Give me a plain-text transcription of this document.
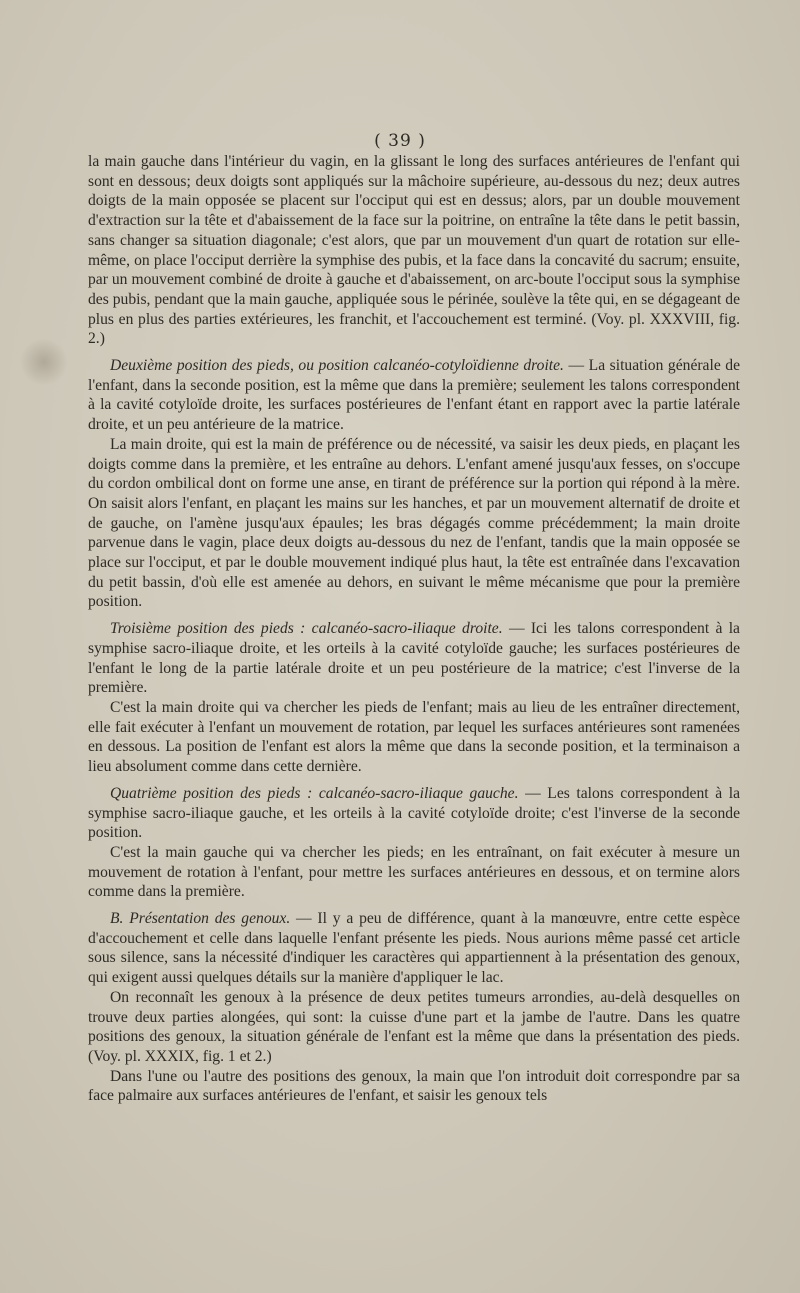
( 39 )

la main gauche dans l'intérieur du vagin, en la glissant le long des surfaces antérieures de l'enfant qui sont en dessous; deux doigts sont appliqués sur la mâchoire supérieure, au-dessous du nez; deux autres doigts de la main opposée se placent sur l'occiput qui est en dessus; alors, par un double mouvement d'extraction sur la tête et d'abaissement de la face sur la poitrine, on entraîne la tête dans le petit bassin, sans changer sa situation diagonale; c'est alors, que par un mouvement d'un quart de rotation sur elle-même, on place l'occiput derrière la symphise des pubis, et la face dans la concavité du sacrum; ensuite, par un mouvement combiné de droite à gauche et d'abaissement, on arc-boute l'occiput sous la symphise des pubis, pendant que la main gauche, appliquée sous le périnée, soulève la tête qui, en se dégageant de plus en plus des parties extérieures, les franchit, et l'accouchement est terminé. (Voy. pl. XXXVIII, fig. 2.)

Deuxième position des pieds, ou position calcanéo-cotyloïdienne droite. — La situation générale de l'enfant, dans la seconde position, est la même que dans la première; seulement les talons correspondent à la cavité cotyloïde droite, les surfaces postérieures de l'enfant étant en rapport avec la partie latérale droite, et un peu antérieure de la matrice.

La main droite, qui est la main de préférence ou de nécessité, va saisir les deux pieds, en plaçant les doigts comme dans la première, et les entraîne au dehors. L'enfant amené jusqu'aux fesses, on s'occupe du cordon ombilical dont on forme une anse, en tirant de préférence sur la portion qui répond à la mère. On saisit alors l'enfant, en plaçant les mains sur les hanches, et par un mouvement alternatif de droite et de gauche, on l'amène jusqu'aux épaules; les bras dégagés comme précédemment; la main droite parvenue dans le vagin, place deux doigts au-dessous du nez de l'enfant, tandis que la main opposée se place sur l'occiput, et par le double mouvement indiqué plus haut, la tête est entraînée dans l'excavation du petit bassin, d'où elle est amenée au dehors, en suivant le même mécanisme que pour la première position.

Troisième position des pieds : calcanéo-sacro-iliaque droite. — Ici les talons correspondent à la symphise sacro-iliaque droite, et les orteils à la cavité cotyloïde gauche; les surfaces postérieures de l'enfant le long de la partie latérale droite et un peu postérieure de la matrice; c'est l'inverse de la première.

C'est la main droite qui va chercher les pieds de l'enfant; mais au lieu de les entraîner directement, elle fait exécuter à l'enfant un mouvement de rotation, par lequel les surfaces antérieures sont ramenées en dessous. La position de l'enfant est alors la même que dans la seconde position, et la terminaison a lieu absolument comme dans cette dernière.

Quatrième position des pieds : calcanéo-sacro-iliaque gauche. — Les talons correspondent à la symphise sacro-iliaque gauche, et les orteils à la cavité cotyloïde droite; c'est l'inverse de la seconde position.

C'est la main gauche qui va chercher les pieds; en les entraînant, on fait exécuter à mesure un mouvement de rotation à l'enfant, pour mettre les surfaces antérieures en dessous, et on termine alors comme dans la première.

B. Présentation des genoux. — Il y a peu de différence, quant à la manœuvre, entre cette espèce d'accouchement et celle dans laquelle l'enfant présente les pieds. Nous aurions même passé cet article sous silence, sans la nécessité d'indiquer les caractères qui appartiennent à la présentation des genoux, qui exigent aussi quelques détails sur la manière d'appliquer le lac.

On reconnaît les genoux à la présence de deux petites tumeurs arrondies, au-delà desquelles on trouve deux parties alongées, qui sont: la cuisse d'une part et la jambe de l'autre. Dans les quatre positions des genoux, la situation générale de l'enfant est la même que dans la présentation des pieds. (Voy. pl. XXXIX, fig. 1 et 2.)

Dans l'une ou l'autre des positions des genoux, la main que l'on introduit doit correspondre par sa face palmaire aux surfaces antérieures de l'enfant, et saisir les genoux tels
